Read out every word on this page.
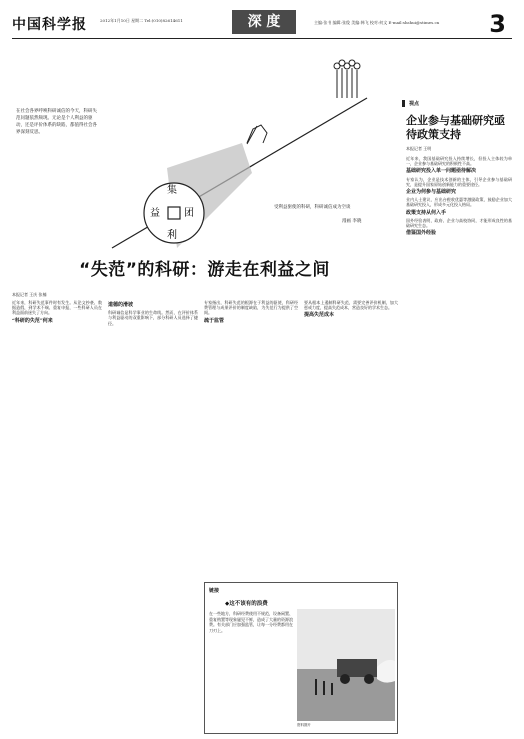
中国科学报	2012年1月10日 星期二 Tel:(010)82614611	深 度	主编:张书 编辑:张俊 美编:韩飞 校对:何文 E-mail:shshui@stimes.cn	3
在社会各界呼唤科研诚信的今天，科研失范问题依然频现。无论是个人利益的驱动，还是评价体系的缺陷，都值得社会各界深刻反思。
集
益 团
利
受利益驱使的科研，科研诚信成为空谈
漫画 李晓
“失范”的科研：游走在利益之间
本报记者 王庆 张楠
近年来，科研失范事件时有发生。从论文抄袭、数据造假，到学术不端、重复申报，一些科研人员在利益面前迷失了方向。
“科研的失范”何来
道德的滑坡
科研诚信是科学事业的生命线。然而，在评价体系与利益驱动的双重影响下，部分科研人员选择了捷径。
专家指出，科研失范的根源在于利益的驱使，科研经费管理与成果评价的制度缺陷，为失范行为提供了空间。
疏于监管
要从根本上遏制科研失范，需要完善评价机制，加大惩戒力度，提高失范成本，营造良好的学术生态。
提高失范成本
链接
◆这不该有的浪费
在一些地方，科研经费使用不规范，设备闲置、重复购置等现象屡见不鲜，造成了大量的资源浪费。有关部门应加强监管，让每一分经费都用在刀刃上。
资料图片
视点
企业参与基础研究亟待政策支持
本报记者 王明
近年来，我国基础研究投入持续增长，但投入主体较为单一，企业参与基础研究的积极性不高。
基础研究投入单一问题亟待解决
专家认为，企业是技术创新的主体，引导企业参与基础研究，是提升国家原始创新能力的重要途径。
企业为何参与基础研究
业内人士建议，应出台税收优惠等激励政策，鼓励企业加大基础研究投入，形成多元化投入格局。
政策支持从何入手
国外经验表明，政府、企业与高校协同，才能形成良性的基础研究生态。
借鉴国外经验
